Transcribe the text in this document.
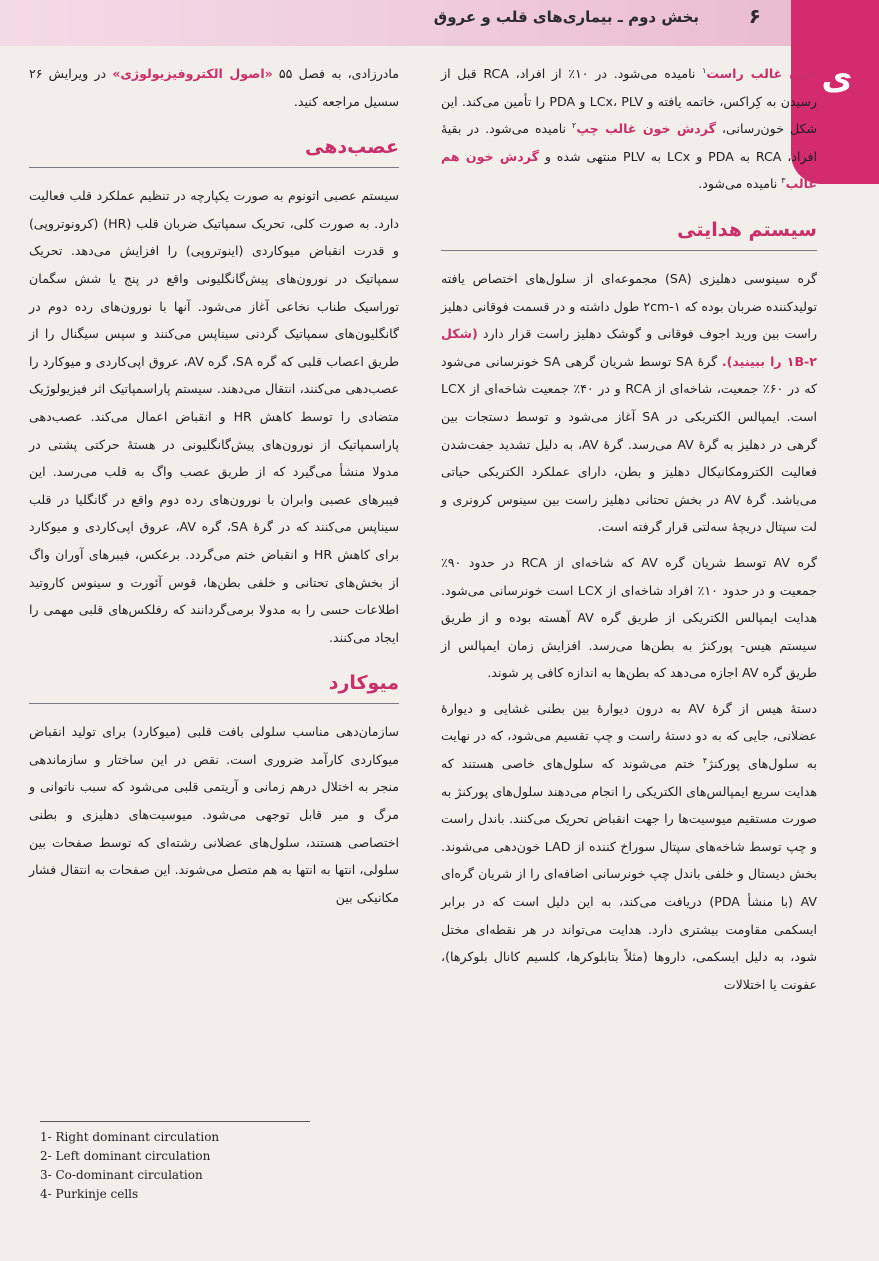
بخش دوم ـ بیماری‌های قلب و عروق ۶
ی

خون غالب راست$^۱$ نامیده می‌شود. در ۱۰٪ از افراد، RCA قبل از رسیدن به کِراکس، خاتمه یافته و LCx، PLV و PDA را تأمین می‌کند. این شکل خون‌رسانی، گردش خون غالب چپ$^۲$ نامیده می‌شود. در بقیهٔ افراد، RCA به PDA و LCx به PLV منتهی شده و گردش خون هم غالب$^۳$ نامیده می‌شود.

سیستم هدایتی

گره سینوسی دهلیزی (SA) مجموعه‌ای از سلول‌های اختصاص یافته تولیدکننده ضربان بوده که ۲cm-۱ طول داشته و در قسمت فوقانی دهلیز راست بین ورید اجوف فوقانی و گوشک دهلیز راست قرار دارد (شکل ۱B-۲ را ببینید). گرهٔ SA توسط شریان گرهی SA خونرسانی می‌شود که در ۶۰٪ جمعیت، شاخه‌ای از RCA و در ۴۰٪ جمعیت شاخه‌ای از LCX است. ایمپالس الکتریکی در SA آغاز می‌شود و توسط دستجات بین گرهی در دهلیز به گرهٔ AV می‌رسد. گرهٔ AV، به دلیل تشدید جفت‌شدن فعالیت الکترومکانیکال دهلیز و بطن، دارای عملکرد الکتریکی حیاتی می‌باشد. گرهٔ AV در بخش تحتانی دهلیز راست بین سینوس کرونری و لت سپتال دریچهٔ سه‌لتی قرار گرفته است.

گره AV توسط شریان گره AV که شاخه‌ای از RCA در حدود ۹۰٪ جمعیت و در حدود ۱۰٪ افراد شاخه‌ای از LCX است خونرسانی می‌شود. هدایت ایمپالس الکتریکی از طریق گره AV آهسته بوده و از طریق سیستم هیس- پورکنژ به بطن‌ها می‌رسد. افزایش زمان ایمپالس از طریق گره AV اجازه می‌دهد که بطن‌ها به اندازه کافی پر شوند.

دستهٔ هیس از گرهٔ AV به درون دیوارهٔ بین بطنی غشایی و دیوارهٔ عضلانی، جایی که به دو دستهٔ راست و چپ تقسیم می‌شود، که در نهایت به سلول‌های پورکنژ$^۴$ ختم می‌شوند که سلول‌های خاصی هستند که هدایت سریع ایمپالس‌های الکتریکی را انجام می‌دهند سلول‌های پورکنژ به صورت مستقیم میوسیت‌ها را جهت انقباض تحریک می‌کنند. باندل راست و چپ توسط شاخه‌های سپتال سوراخ کننده از LAD خون‌دهی می‌شوند. بخش دیستال و خلفی باندل چپ خونرسانی اضافه‌ای را از شریان گره‌ای AV (با منشأ PDA) دریافت می‌کند، به این دلیل است که در برابر ایسکمی مقاومت بیشتری دارد. هدایت می‌تواند در هر نقطه‌ای مختل شود، به دلیل ایسکمی، داروها (مثلاً بتابلوکرها، کلسیم کانال بلوکرها)، عفونت یا اختلالات

مادرزادی، به فصل ۵۵ «اصول الکتروفیزیولوژی» در ویرایش ۲۶ سسیل مراجعه کنید.

عصب‌دهی

سیستم عصبی اتونوم به صورت یکپارچه در تنظیم عملکرد قلب فعالیت دارد. به صورت کلی، تحریک سمپاتیک ضربان قلب (HR) (کرونوتروپی) و قدرت انقباض میوکاردی (اینوتروپی) را افزایش می‌دهد. تحریک سمپاتیک در نورون‌های پیش‌گانگلیونی واقع در پنج یا شش سگمان توراسیک طناب نخاعی آغاز می‌شود. آنها با نورون‌های رده دوم در گانگلیون‌های سمپاتیک گردنی سیناپس می‌کنند و سپس سیگنال را از طریق اعصاب قلبی که گره SA، گره AV، عروق اپی‌کاردی و میوکارد را عصب‌دهی می‌کنند، انتقال می‌دهند. سیستم پاراسمپاتیک اثر فیزیولوژیک متضادی را توسط کاهش HR و انقباض اعمال می‌کند. عصب‌دهی پاراسمپاتیک از نورون‌های پیش‌گانگلیونی در هستهٔ حرکتی پشتی در مدولا منشأ می‌گیرد که از طریق عصب واگ به قلب می‌رسد. این فیبرهای عصبی وابران با نورون‌های رده دوم واقع در گانگلیا در قلب سیناپس می‌کنند که در گرهٔ SA، گره AV، عروق اپی‌کاردی و میوکارد برای کاهش HR و انقباض ختم می‌گردد. برعکس، فیبرهای آوران واگ از بخش‌های تحتانی و خلفی بطن‌ها، قوس آئورت و سینوس کاروتید اطلاعات حسی را به مدولا برمی‌گردانند که رفلکس‌های قلبی مهمی را ایجاد می‌کنند.

میوکارد

سازمان‌دهی مناسب سلولی بافت قلبی (میوکارد) برای تولید انقباض میوکاردی کارآمد ضروری است. نقص در این ساختار و سازماندهی منجر به اختلال درهم زمانی و آریتمی قلبی می‌شود که سبب ناتوانی و مرگ و میر قابل توجهی می‌شود. میوسیت‌های دهلیزی و بطنی اختصاصی هستند، سلول‌های عضلانی رشته‌ای که توسط صفحات بین سلولی، انتها به انتها به هم متصل می‌شوند. این صفحات به انتقال فشار مکانیکی بین

1- Right dominant circulation
2- Left dominant circulation
3- Co-dominant circulation
4- Purkinje cells
